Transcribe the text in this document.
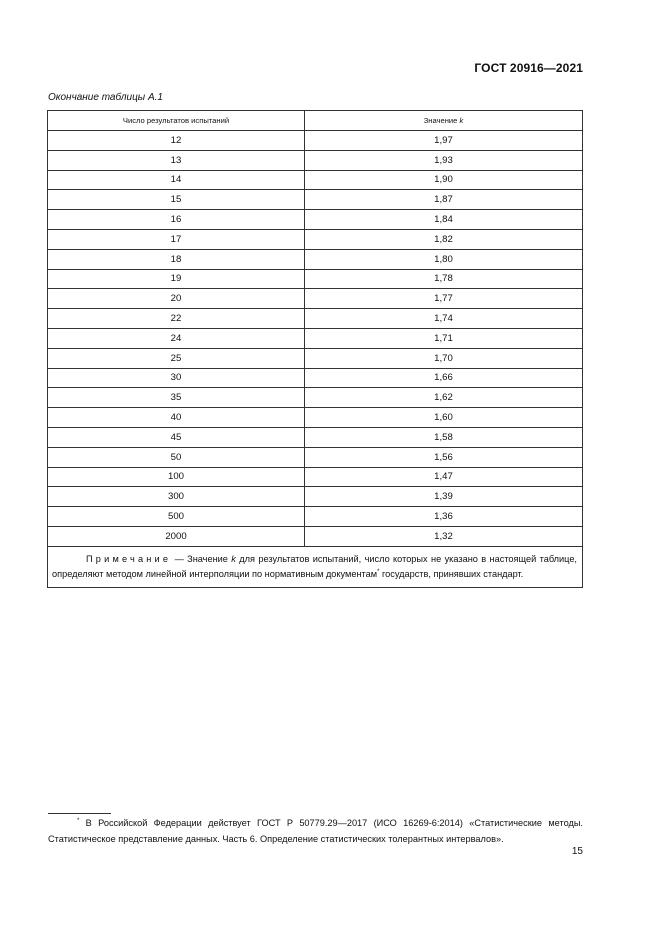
ГОСТ 20916—2021
Окончание таблицы А.1
Число результатов испытаний	Значение k
12	1,97
13	1,93
14	1,90
15	1,87
16	1,84
17	1,82
18	1,80
19	1,78
20	1,77
22	1,74
24	1,71
25	1,70
30	1,66
35	1,62
40	1,60
45	1,58
50	1,56
100	1,47
300	1,39
500	1,36
2000	1,32
Примечание — Значение k для результатов испытаний, число которых не указано в настоящей таблице, определяют методом линейной интерполяции по нормативным документам* государств, принявших стандарт.	
* В Российской Федерации действует ГОСТ Р 50779.29—2017 (ИСО 16269-6:2014) «Статистические методы. Статистическое представление данных. Часть 6. Определение статистических толерантных интервалов».
15
